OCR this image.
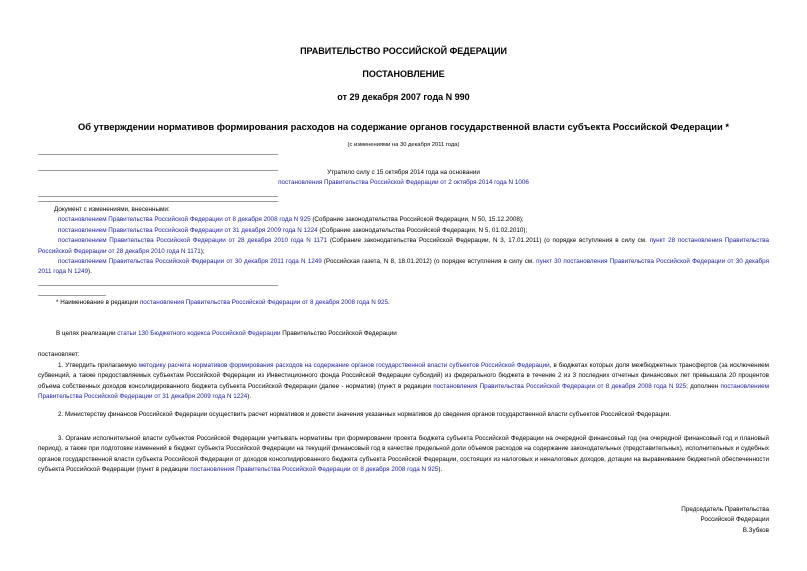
ПРАВИТЕЛЬСТВО РОССИЙСКОЙ ФЕДЕРАЦИИ
ПОСТАНОВЛЕНИЕ
от 29 декабря 2007 года N 990
Об утверждении нормативов формирования расходов на содержание органов государственной власти субъекта Российской Федерации *
(с изменениями на 30 декабря 2011 года)
Утратило силу с 15 октября 2014 года на основании
постановления Правительства Российской Федерации от 2 октября 2014 года N 1006

Документ с изменениями, внесенными:

постановлением Правительства Российской Федерации от 8 декабря 2008 года N 925 (Собрание законодательства Российской Федерации, N 50, 15.12.2008);

постановлением Правительства Российской Федерации от 31 декабря 2009 года N 1224 (Собрание законодательства Российской Федерации, N 5, 01.02.2010);

постановлением Правительства Российской Федерации от 28 декабря 2010 года N 1171 (Собрание законодательства Российской Федерации, N 3, 17.01.2011) (о порядке вступления в силу см. пункт 28 постановления Правительства Российской Федерации от 28 декабря 2010 года N 1171);

постановлением Правительства Российской Федерации от 30 декабря 2011 года N 1249 (Российская газета, N 8, 18.01.2012) (о порядке вступления в силу см. пункт 30 постановления Правительства Российской Федерации от 30 декабря 2011 года N 1249).

* Наименование в редакции постановления Правительства Российской Федерации от 8 декабря 2008 года N 925.
В целях реализации статьи 130 Бюджетного кодекса Российской Федерации Правительство Российской Федерации
постановляет:
1. Утвердить прилагаемую методику расчета нормативов формирования расходов на содержание органов государственной власти субъектов Российской Федерации, в бюджетах которых доля межбюджетных трансфертов (за исключением субвенций, а также предоставляемых субъектам Российской Федерации из Инвестиционного фонда Российской Федерации субсидий) из федерального бюджета в течение 2 из 3 последних отчетных финансовых лет превышала 20 процентов объема собственных доходов консолидированного бюджета субъекта Российской Федерации (далее - норматив) (пункт в редакции постановления Правительства Российской Федерации от 8 декабря 2008 года N 925; дополнен постановлением Правительства Российской Федерации от 31 декабря 2009 года N 1224).
2. Министерству финансов Российской Федерации осуществить расчет нормативов и довести значения указанных нормативов до сведения органов государственной власти субъектов Российской Федерации.
3. Органам исполнительной власти субъектов Российской Федерации учитывать нормативы при формировании проекта бюджета субъекта Российской Федерации на очередной финансовый год (на очередной финансовый год и плановый период), а также при подготовке изменений в бюджет субъекта Российской Федерации на текущий финансовый год в качестве предельной доли объемов расходов на содержание законодательных (представительных), исполнительных и судебных органов государственной власти субъекта Российской Федерации от доходов консолидированного бюджета субъекта Российской Федерации, состоящих из налоговых и неналоговых доходов, дотации на выравнивание бюджетной обеспеченности субъекта Российской Федерации (пункт в редакции постановления Правительства Российской Федерации от 8 декабря 2008 года N 925).
Председатель Правительства
Российской Федерации
В.Зубков
